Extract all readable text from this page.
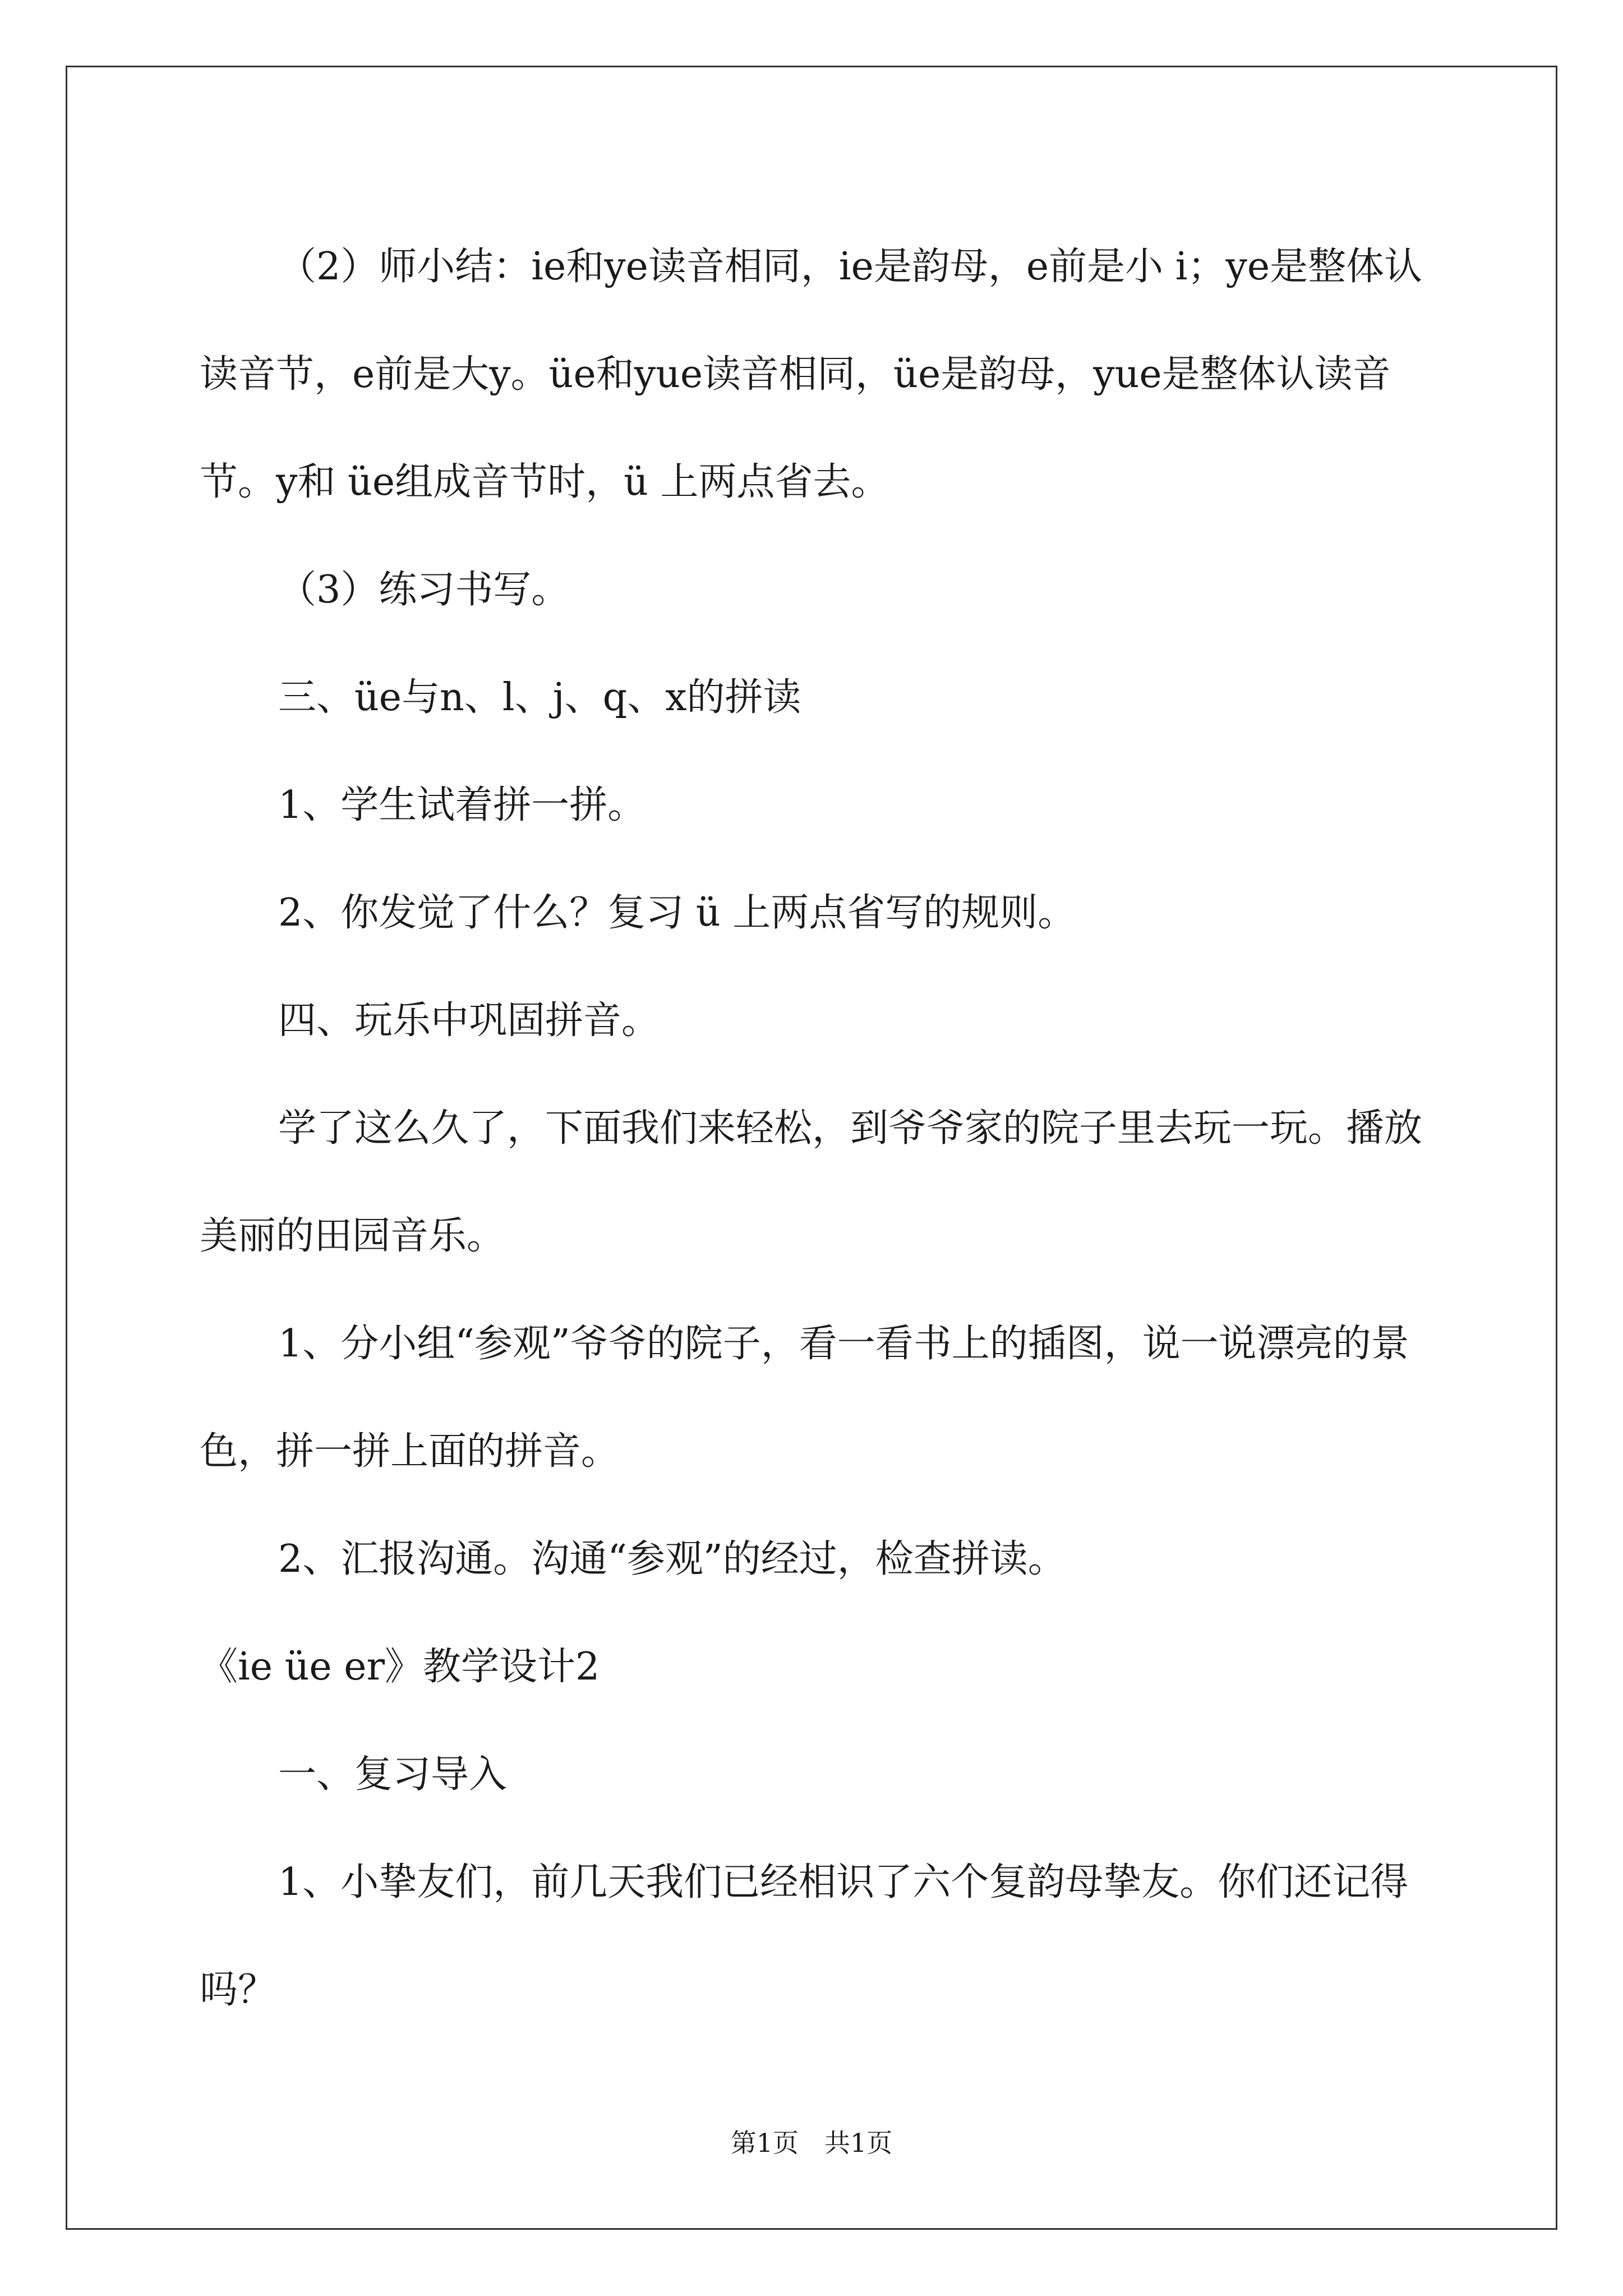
（2）师小结：ie和ye读音相同，ie是韵母，e前是小 i；ye是整体认读音节，e前是大y。üe和yue读音相同，üe是韵母，yue是整体认读音节。y和 üe组成音节时，ü 上两点省去。

（3）练习书写。

三、üe与n、l、j、q、x的拼读

1、学生试着拼一拼。

2、你发觉了什么？复习 ü 上两点省写的规则。

四、玩乐中巩固拼音。

学了这么久了，下面我们来轻松，到爷爷家的院子里去玩一玩。播放美丽的田园音乐。

1、分小组“参观”爷爷的院子，看一看书上的插图，说一说漂亮的景色，拼一拼上面的拼音。

2、汇报沟通。沟通“参观”的经过，检查拼读。

《ie üe er》教学设计2

一、复习导入

1、小挚友们，前几天我们已经相识了六个复韵母挚友。你们还记得吗？

第1页　共1页
